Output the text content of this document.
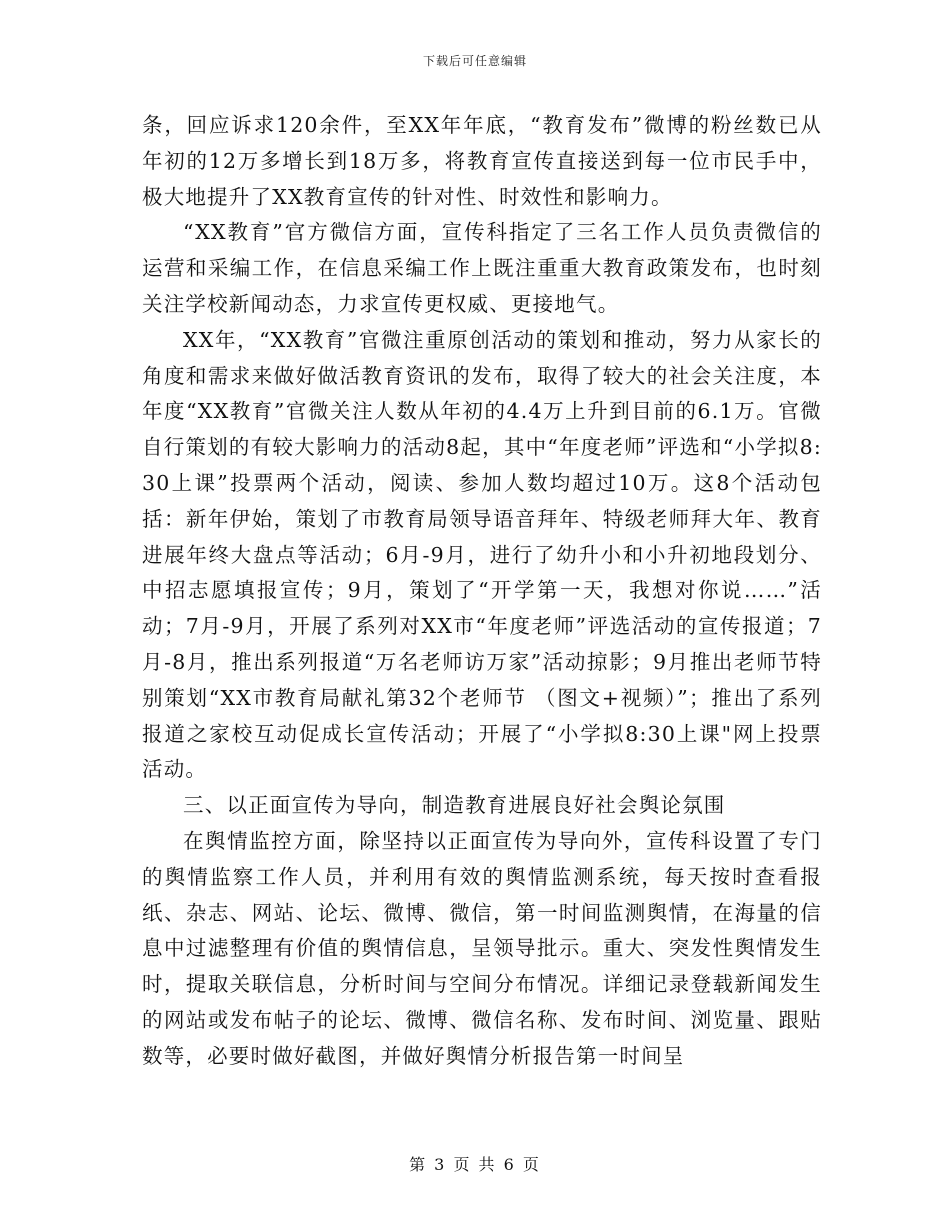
下载后可任意编辑

条，回应诉求120余件，至XX年年底，“教育发布”微博的粉丝数已从年初的12万多增长到18万多，将教育宣传直接送到每一位市民手中，极大地提升了XX教育宣传的针对性、时效性和影响力。

“XX教育”官方微信方面，宣传科指定了三名工作人员负责微信的运营和采编工作，在信息采编工作上既注重重大教育政策发布，也时刻关注学校新闻动态，力求宣传更权威、更接地气。

XX年，“XX教育”官微注重原创活动的策划和推动，努力从家长的角度和需求来做好做活教育资讯的发布，取得了较大的社会关注度，本年度“XX教育”官微关注人数从年初的4.4万上升到目前的6.1万。官微自行策划的有较大影响力的活动8起，其中“年度老师”评选和“小学拟8:30上课”投票两个活动，阅读、参加人数均超过10万。这8个活动包括：新年伊始，策划了市教育局领导语音拜年、特级老师拜大年、教育进展年终大盘点等活动；6月-9月，进行了幼升小和小升初地段划分、中招志愿填报宣传；9月，策划了“开学第一天，我想对你说……”活动；7月-9月，开展了系列对XX市“年度老师”评选活动的宣传报道；7月-8月，推出系列报道“万名老师访万家”活动掠影；9月推出老师节特别策划“XX市教育局献礼第32个老师节 （图文+视频）”；推出了系列报道之家校互动促成长宣传活动；开展了“小学拟8:30上课"网上投票活动。

三、以正面宣传为导向，制造教育进展良好社会舆论氛围

在舆情监控方面，除坚持以正面宣传为导向外，宣传科设置了专门的舆情监察工作人员，并利用有效的舆情监测系统，每天按时查看报纸、杂志、网站、论坛、微博、微信，第一时间监测舆情，在海量的信息中过滤整理有价值的舆情信息，呈领导批示。重大、突发性舆情发生时，提取关联信息，分析时间与空间分布情况。详细记录登载新闻发生的网站或发布帖子的论坛、微博、微信名称、发布时间、浏览量、跟贴数等，必要时做好截图，并做好舆情分析报告第一时间呈

第 3 页 共 6 页
